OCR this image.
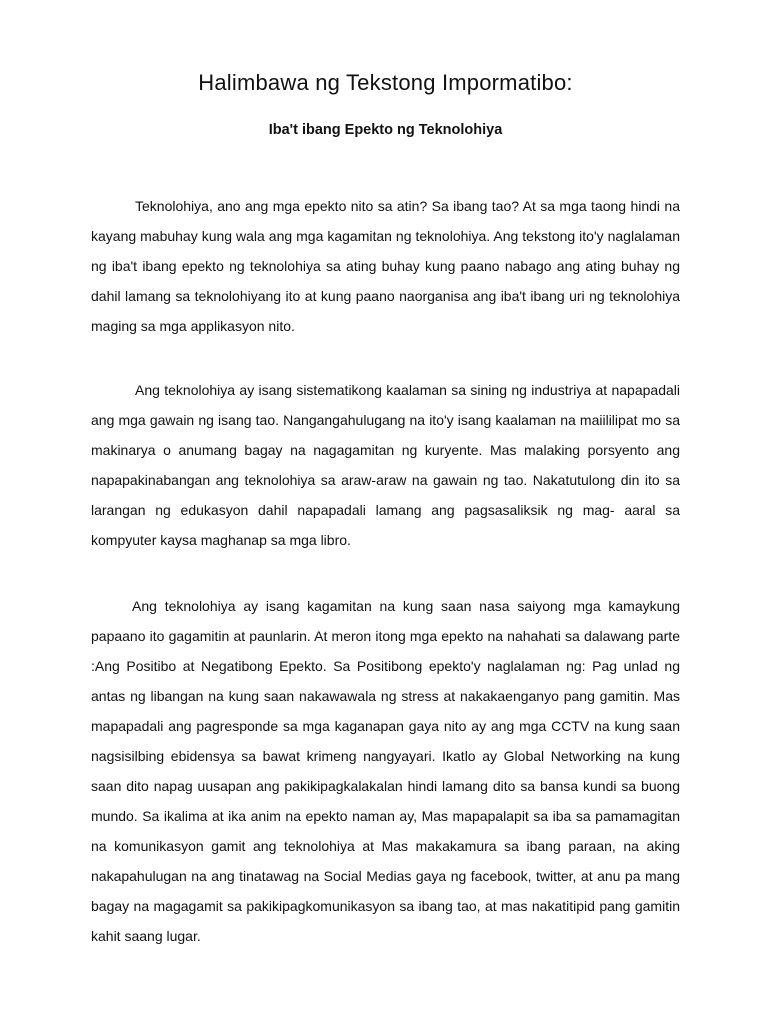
Halimbawa ng Tekstong Impormatibo:
Iba't ibang Epekto ng Teknolohiya

Teknolohiya, ano ang mga epekto nito sa atin? Sa ibang tao? At sa mga taong hindi na kayang mabuhay kung wala ang mga kagamitan ng teknolohiya. Ang tekstong ito'y naglalaman ng iba't ibang epekto ng teknolohiya sa ating buhay kung paano nabago ang ating buhay ng dahil lamang sa teknolohiyang ito at kung paano naorganisa ang iba't ibang uri ng teknolohiya maging sa mga applikasyon nito.

Ang teknolohiya ay isang sistematikong kaalaman sa sining ng industriya at napapadali ang mga gawain ng isang tao. Nangangahulugang na ito'y isang kaalaman na maiililipat mo sa makinarya o anumang bagay na nagagamitan ng kuryente. Mas malaking porsyento ang napapakinabangan ang teknolohiya sa araw-araw na gawain ng tao. Nakatutulong din ito sa larangan ng edukasyon dahil napapadali lamang ang pagsasaliksik ng mag- aaral sa kompyuter kaysa maghanap sa mga libro.

Ang teknolohiya ay isang kagamitan na kung saan nasa saiyong mga kamaykung papaano ito gagamitin at paunlarin. At meron itong mga epekto na nahahati sa dalawang parte :Ang Positibo at Negatibong Epekto. Sa Positibong epekto'y naglalaman ng: Pag unlad ng antas ng libangan na kung saan nakawawala ng stress at nakakaenganyo pang gamitin. Mas mapapadali ang pagresponde sa mga kaganapan gaya nito ay ang mga CCTV na kung saan nagsisilbing ebidensya sa bawat krimeng nangyayari. Ikatlo ay Global Networking na kung saan dito napag uusapan ang pakikipagkalakalan hindi lamang dito sa bansa kundi sa buong mundo. Sa ikalima at ika anim na epekto naman ay, Mas mapapalapit sa iba sa pamamagitan na komunikasyon gamit ang teknolohiya at Mas makakamura sa ibang paraan, na aking nakapahulugan na ang tinatawag na Social Medias gaya ng facebook, twitter, at anu pa mang bagay na magagamit sa pakikipagkomunikasyon sa ibang tao, at mas nakatitipid pang gamitin kahit saang lugar.
